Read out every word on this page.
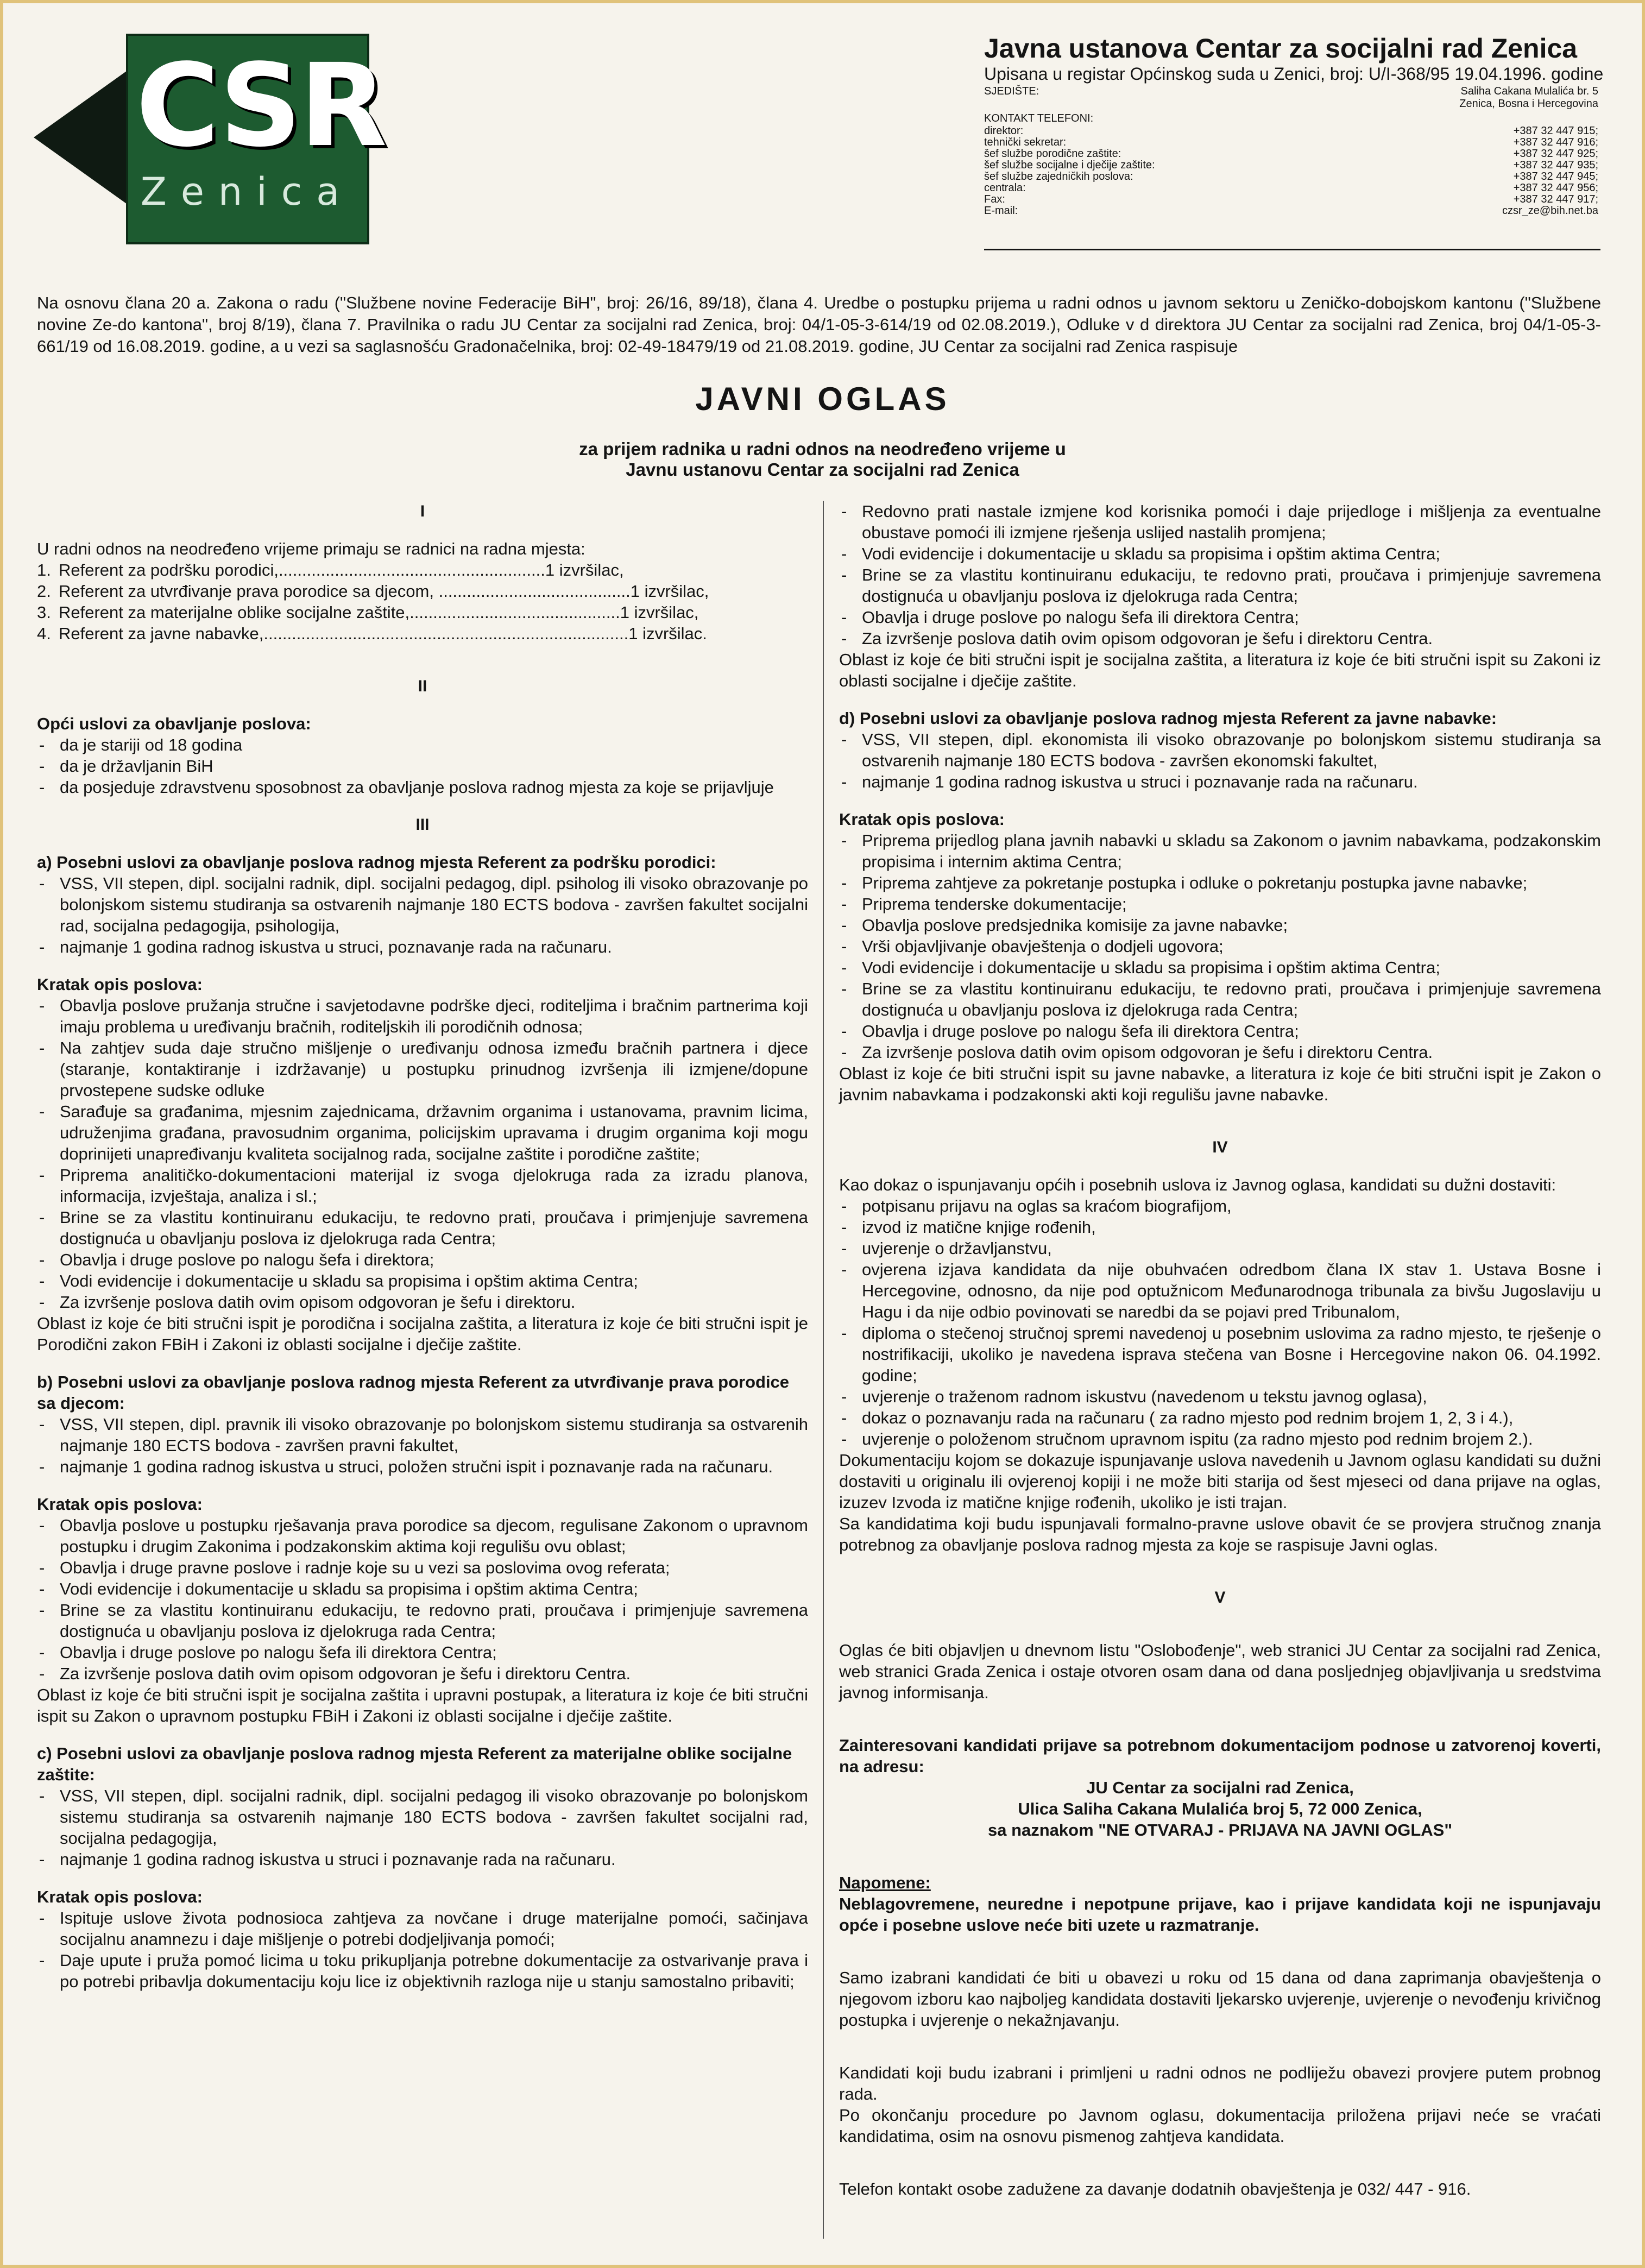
CSR
Zenica
Javna ustanova Centar za socijalni rad Zenica
Upisana u registar Općinskog suda u Zenici, broj: U/I-368/95 19.04.1996. godine
SJEDIŠTE:	Saliha Cakana Mulalića br. 5
Zenica, Bosna i Hercegovina
KONTAKT TELEFONI:
direktor:	+387 32 447 915;
tehnički sekretar:	+387 32 447 916;
šef službe porodične zaštite:	+387 32 447 925;
šef službe socijalne i dječije zaštite:	+387 32 447 935;
šef službe zajedničkih poslova:	+387 32 447 945;
centrala:	+387 32 447 956;
Fax:	+387 32 447 917;
E-mail:	czsr_ze@bih.net.ba
Na osnovu člana 20 a. Zakona o radu ("Službene novine Federacije BiH", broj: 26/16, 89/18), člana 4. Uredbe o postupku prijema u radni odnos u javnom sektoru u Zeničko-dobojskom kantonu ("Službene novine Ze-do kantona", broj 8/19), člana 7. Pravilnika o radu JU Centar za socijalni rad Zenica, broj: 04/1-05-3-614/19 od 02.08.2019.), Odluke v d direktora JU Centar za socijalni rad Zenica, broj 04/1-05-3-661/19 od 16.08.2019. godine, a u vezi sa saglasnošću Gradonačelnika, broj: 02-49-18479/19 od 21.08.2019. godine, JU Centar za socijalni rad Zenica raspisuje
JAVNI OGLAS
za prijem radnika u radni odnos na neodređeno vrijeme u
Javnu ustanovu Centar za socijalni rad Zenica

I

U radni odnos na neodređeno vrijeme primaju se radnici na radna mjesta:

1. Referent za podršku porodici,.........................................................1 izvršilac,
2. Referent za utvrđivanje prava porodice sa djecom, .........................................1 izvršilac,
3. Referent za materijalne oblike socijalne zaštite,.............................................1 izvršilac,
4. Referent za javne nabavke,..............................................................................1 izvršilac.

II

Opći uslovi za obavljanje poslova:

- da je stariji od 18 godina
- da je državljanin BiH
- da posjeduje zdravstvenu sposobnost za obavljanje poslova radnog mjesta za koje se prijavljuje

III

a) Posebni uslovi za obavljanje poslova radnog mjesta Referent za podršku porodici:

- VSS, VII stepen, dipl. socijalni radnik, dipl. socijalni pedagog, dipl. psiholog ili visoko obrazovanje po bolonjskom sistemu studiranja sa ostvarenih najmanje 180 ECTS bodova - završen fakultet socijalni rad, socijalna pedagogija, psihologija,
- najmanje 1 godina radnog iskustva u struci, poznavanje rada na računaru.

Kratak opis poslova:

- Obavlja poslove pružanja stručne i savjetodavne podrške djeci, roditeljima i bračnim partnerima koji imaju problema u uređivanju bračnih, roditeljskih ili porodičnih odnosa;
- Na zahtjev suda daje stručno mišljenje o uređivanju odnosa između bračnih partnera i djece (staranje, kontaktiranje i izdržavanje) u postupku prinudnog izvršenja ili izmjene/dopune prvostepene sudske odluke
- Sarađuje sa građanima, mjesnim zajednicama, državnim organima i ustanovama, pravnim licima, udruženjima građana, pravosudnim organima, policijskim upravama i drugim organima koji mogu doprinijeti unapređivanju kvaliteta socijalnog rada, socijalne zaštite i porodične zaštite;
- Priprema analitičko-dokumentacioni materijal iz svoga djelokruga rada za izradu planova, informacija, izvještaja, analiza i sl.;
- Brine se za vlastitu kontinuiranu edukaciju, te redovno prati, proučava i primjenjuje savremena dostignuća u obavljanju poslova iz djelokruga rada Centra;
- Obavlja i druge poslove po nalogu šefa i direktora;
- Vodi evidencije i dokumentacije u skladu sa propisima i opštim aktima Centra;
- Za izvršenje poslova datih ovim opisom odgovoran je šefu i direktoru.

Oblast iz koje će biti stručni ispit je porodična i socijalna zaštita, a literatura iz koje će biti stručni ispit je Porodični zakon FBiH i Zakoni iz oblasti socijalne i dječije zaštite.

b) Posebni uslovi za obavljanje poslova radnog mjesta Referent za utvrđivanje prava porodice sa djecom:

- VSS, VII stepen, dipl. pravnik ili visoko obrazovanje po bolonjskom sistemu studiranja sa ostvarenih najmanje 180 ECTS bodova - završen pravni fakultet,
- najmanje 1 godina radnog iskustva u struci, položen stručni ispit i poznavanje rada na računaru.

Kratak opis poslova:

- Obavlja poslove u postupku rješavanja prava porodice sa djecom, regulisane Zakonom o upravnom postupku i drugim Zakonima i podzakonskim aktima koji regulišu ovu oblast;
- Obavlja i druge pravne poslove i radnje koje su u vezi sa poslovima ovog referata;
- Vodi evidencije i dokumentacije u skladu sa propisima i opštim aktima Centra;
- Brine se za vlastitu kontinuiranu edukaciju, te redovno prati, proučava i primjenjuje savremena dostignuća u obavljanju poslova iz djelokruga rada Centra;
- Obavlja i druge poslove po nalogu šefa ili direktora Centra;
- Za izvršenje poslova datih ovim opisom odgovoran je šefu i direktoru Centra.

Oblast iz koje će biti stručni ispit je socijalna zaštita i upravni postupak, a literatura iz koje će biti stručni ispit su Zakon o upravnom postupku FBiH i Zakoni iz oblasti socijalne i dječije zaštite.

c) Posebni uslovi za obavljanje poslova radnog mjesta Referent za materijalne oblike socijalne zaštite:

- VSS, VII stepen, dipl. socijalni radnik, dipl. socijalni pedagog ili visoko obrazovanje po bolonjskom sistemu studiranja sa ostvarenih najmanje 180 ECTS bodova - završen fakultet socijalni rad, socijalna pedagogija,
- najmanje 1 godina radnog iskustva u struci i poznavanje rada na računaru.

Kratak opis poslova:

- Ispituje uslove života podnosioca zahtjeva za novčane i druge materijalne pomoći, sačinjava socijalnu anamnezu i daje mišljenje o potrebi dodjeljivanja pomoći;
- Daje upute i pruža pomoć licima u toku prikupljanja potrebne dokumentacije za ostvarivanje prava i po potrebi pribavlja dokumentaciju koju lice iz objektivnih razloga nije u stanju samostalno pribaviti;
- Redovno prati nastale izmjene kod korisnika pomoći i daje prijedloge i mišljenja za eventualne obustave pomoći ili izmjene rješenja uslijed nastalih promjena;
- Vodi evidencije i dokumentacije u skladu sa propisima i opštim aktima Centra;
- Brine se za vlastitu kontinuiranu edukaciju, te redovno prati, proučava i primjenjuje savremena dostignuća u obavljanju poslova iz djelokruga rada Centra;
- Obavlja i druge poslove po nalogu šefa ili direktora Centra;
- Za izvršenje poslova datih ovim opisom odgovoran je šefu i direktoru Centra.

Oblast iz koje će biti stručni ispit je socijalna zaštita, a literatura iz koje će biti stručni ispit su Zakoni iz oblasti socijalne i dječije zaštite.

d) Posebni uslovi za obavljanje poslova radnog mjesta Referent za javne nabavke:

- VSS, VII stepen, dipl. ekonomista ili visoko obrazovanje po bolonjskom sistemu studiranja sa ostvarenih najmanje 180 ECTS bodova - završen ekonomski fakultet,
- najmanje 1 godina radnog iskustva u struci i poznavanje rada na računaru.

Kratak opis poslova:

- Priprema prijedlog plana javnih nabavki u skladu sa Zakonom o javnim nabavkama, podzakonskim propisima i internim aktima Centra;
- Priprema zahtjeve za pokretanje postupka i odluke o pokretanju postupka javne nabavke;
- Priprema tenderske dokumentacije;
- Obavlja poslove predsjednika komisije za javne nabavke;
- Vrši objavljivanje obavještenja o dodjeli ugovora;
- Vodi evidencije i dokumentacije u skladu sa propisima i opštim aktima Centra;
- Brine se za vlastitu kontinuiranu edukaciju, te redovno prati, proučava i primjenjuje savremena dostignuća u obavljanju poslova iz djelokruga rada Centra;
- Obavlja i druge poslove po nalogu šefa ili direktora Centra;
- Za izvršenje poslova datih ovim opisom odgovoran je šefu i direktoru Centra.

Oblast iz koje će biti stručni ispit su javne nabavke, a literatura iz koje će biti stručni ispit je Zakon o javnim nabavkama i podzakonski akti koji regulišu javne nabavke.

IV

Kao dokaz o ispunjavanju općih i posebnih uslova iz Javnog oglasa, kandidati su dužni dostaviti:

- potpisanu prijavu na oglas sa kraćom biografijom,
- izvod iz matične knjige rođenih,
- uvjerenje o državljanstvu,
- ovjerena izjava kandidata da nije obuhvaćen odredbom člana IX stav 1. Ustava Bosne i Hercegovine, odnosno, da nije pod optužnicom Međunarodnoga tribunala za bivšu Jugoslaviju u Hagu i da nije odbio povinovati se naredbi da se pojavi pred Tribunalom,
- diploma o stečenoj stručnoj spremi navedenoj u posebnim uslovima za radno mjesto, te rješenje o nostrifikaciji, ukoliko je navedena isprava stečena van Bosne i Hercegovine nakon 06. 04.1992. godine;
- uvjerenje o traženom radnom iskustvu (navedenom u tekstu javnog oglasa),
- dokaz o poznavanju rada na računaru ( za radno mjesto pod rednim brojem 1, 2, 3 i 4.),
- uvjerenje o položenom stručnom upravnom ispitu (za radno mjesto pod rednim brojem 2.).

Dokumentaciju kojom se dokazuje ispunjavanje uslova navedenih u Javnom oglasu kandidati su dužni dostaviti u originalu ili ovjerenoj kopiji i ne može biti starija od šest mjeseci od dana prijave na oglas, izuzev Izvoda iz matične knjige rođenih, ukoliko je isti trajan.

Sa kandidatima koji budu ispunjavali formalno-pravne uslove obavit će se provjera stručnog znanja potrebnog za obavljanje poslova radnog mjesta za koje se raspisuje Javni oglas.

V

Oglas će biti objavljen u dnevnom listu "Oslobođenje", web stranici JU Centar za socijalni rad Zenica, web stranici Grada Zenica i ostaje otvoren osam dana od dana posljednjeg objavljivanja u sredstvima javnog informisanja.

Zainteresovani kandidati prijave sa potrebnom dokumentacijom podnose u zatvorenoj koverti, na adresu:

JU Centar za socijalni rad Zenica,

Ulica Saliha Cakana Mulalića broj 5, 72 000 Zenica,

sa naznakom "NE OTVARAJ - PRIJAVA NA JAVNI OGLAS"

Napomene:

Neblagovremene, neuredne i nepotpune prijave, kao i prijave kandidata koji ne ispunjavaju opće i posebne uslove neće biti uzete u razmatranje.

Samo izabrani kandidati će biti u obavezi u roku od 15 dana od dana zaprimanja obavještenja o njegovom izboru kao najboljeg kandidata dostaviti ljekarsko uvjerenje, uvjerenje o nevođenju krivičnog postupka i uvjerenje o nekažnjavanju.

Kandidati koji budu izabrani i primljeni u radni odnos ne podliježu obavezi provjere putem probnog rada.

Po okončanju procedure po Javnom oglasu, dokumentacija priložena prijavi neće se vraćati kandidatima, osim na osnovu pismenog zahtjeva kandidata.

Telefon kontakt osobe zadužene za davanje dodatnih obavještenja je 032/ 447 - 916.
